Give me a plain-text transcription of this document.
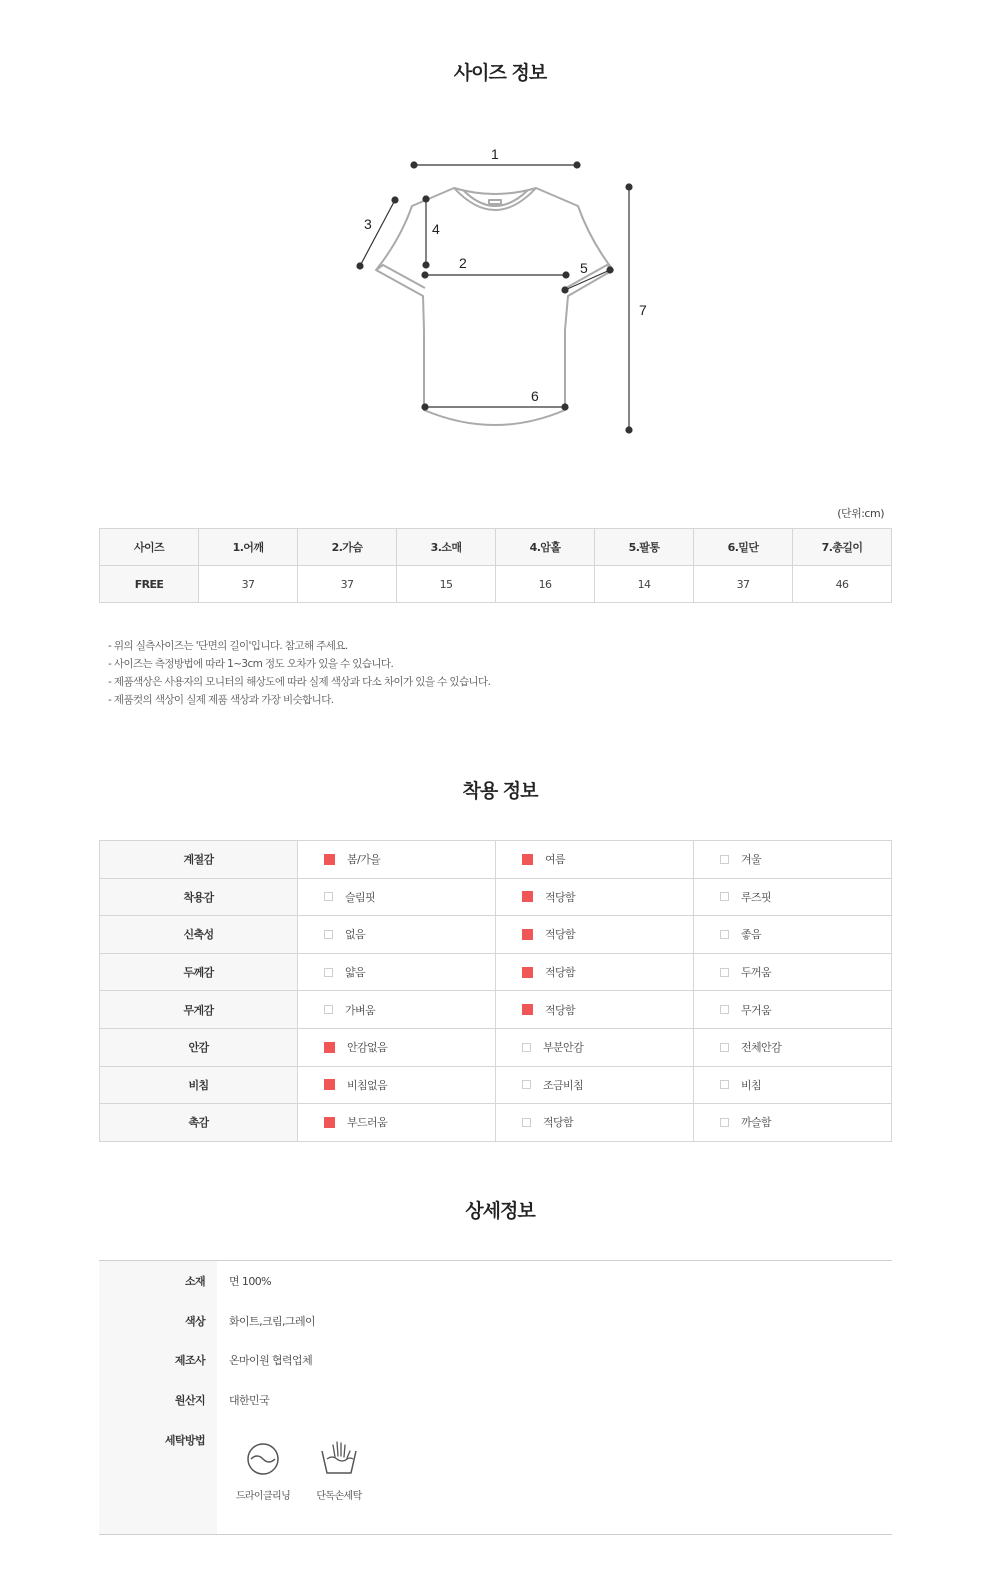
사이즈 정보
1
2
3	4
5
6
7
(단위:cm)
사이즈	1.어깨	2.가슴	3.소매	4.암홀	5.팔통	6.밑단	7.총길이
FREE	37	37	15	16	14	37	46
- 위의 실측사이즈는 '단면의 길이'입니다. 참고해 주세요.
- 사이즈는 측정방법에 따라 1~3cm 정도 오차가 있을 수 있습니다.
- 제품색상은 사용자의 모니터의 해상도에 따라 실제 색상과 다소 차이가 있을 수 있습니다.
- 제품컷의 색상이 실제 제품 색상과 가장 비슷합니다.
착용 정보
계절감	봄/가을	여름	겨울

착용감	슬림핏	적당함	루즈핏

신축성	없음	적당함	좋음

두께감	얇음	적당함	두꺼움

무게감	가벼움	적당함	무거움

안감	안감없음	부분안감	전체안감

비침	비침없음	조금비침	비침

촉감	부드러움	적당함	까슬함
상세정보
소재 면 100%
색상 화이트,크림,그레이
제조사 온마이원 협력업체
원산지 대한민국
세탁방법
드라이클리닝	단독손세탁
